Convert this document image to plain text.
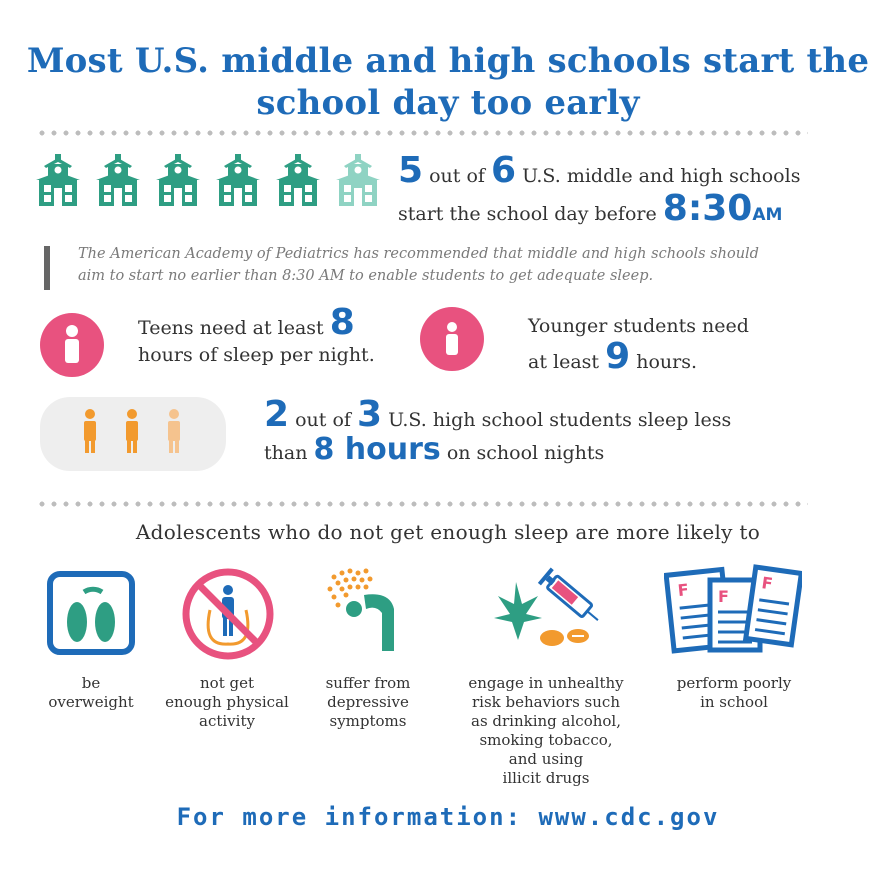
Most U.S. middle and high schools start the
school day too early
5 out of 6 U.S. middle and high schools
start the school day before 8:30AM
The American Academy of Pediatrics has recommended that middle and high schools should
aim to start no earlier than 8:30 AM to enable students to get adequate sleep.
Teens need at least 8
hours of sleep per night.
Younger students need
at least 9 hours.
2 out of 3 U.S. high school students sleep less
than 8 hours on school nights
Adolescents who do not get enough sleep are more likely to
F F
F
be
overweight
not get
enough physical
activity
suffer from
depressive
symptoms
engage in unhealthy
risk behaviors such
as drinking alcohol,
smoking tobacco,
and using
illicit drugs
perform poorly
in school
For more information: www.cdc.gov
